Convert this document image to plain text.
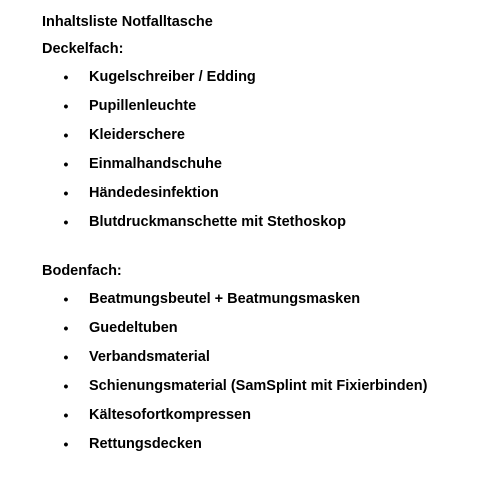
Inhaltsliste Notfalltasche
Deckelfach:
• Kugelschreiber / Edding
• Pupillenleuchte
• Kleiderschere
• Einmalhandschuhe
• Händedesinfektion
• Blutdruckmanschette mit Stethoskop
Bodenfach:
• Beatmungsbeutel + Beatmungsmasken
• Guedeltuben
• Verbandsmaterial
• Schienungsmaterial (SamSplint mit Fixierbinden)
• Kältesofortkompressen
• Rettungsdecken
